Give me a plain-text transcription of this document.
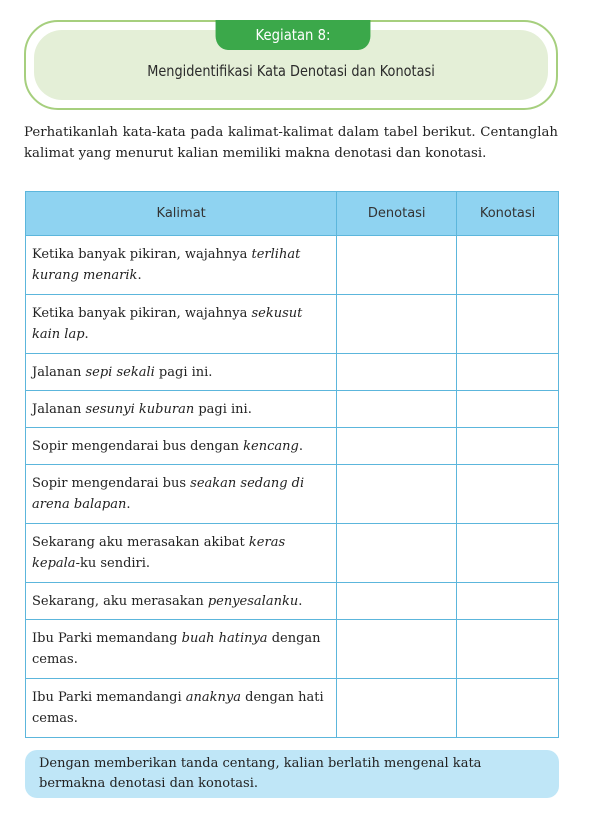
Kegiatan 8:
Mengidentifikasi Kata Denotasi dan Konotasi
Perhatikanlah kata-kata pada kalimat-kalimat dalam tabel berikut. Centanglah kalimat yang menurut kalian memiliki makna denotasi dan konotasi.
Kalimat	Denotasi	Konotasi
Ketika banyak pikiran, wajahnya terlihat kurang menarik.		
Ketika banyak pikiran, wajahnya sekusut kain lap.		
Jalanan sepi sekali pagi ini.		
Jalanan sesunyi kuburan pagi ini.		
Sopir mengendarai bus dengan kencang.		
Sopir mengendarai bus seakan sedang di arena balapan.		
Sekarang aku merasakan akibat keras kepala-ku sendiri.		
Sekarang, aku merasakan penyesalanku.		
Ibu Parki memandang buah hatinya dengan cemas.		
Ibu Parki memandangi anaknya dengan hati cemas.		
Dengan memberikan tanda centang, kalian berlatih mengenal kata bermakna denotasi dan konotasi.
